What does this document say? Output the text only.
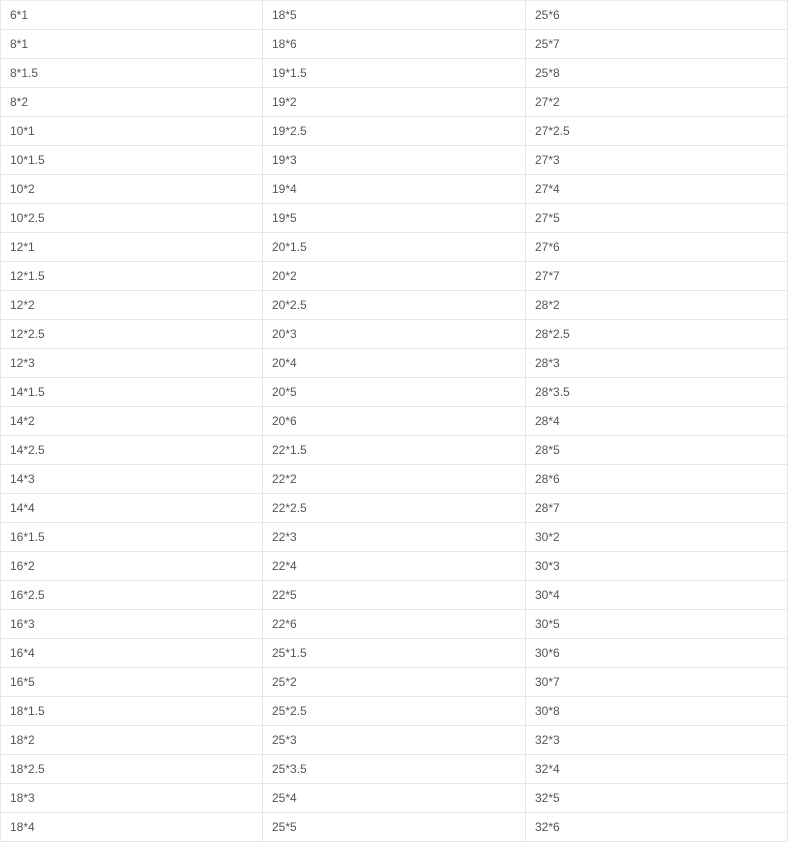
6*1	18*5	25*6
8*1	18*6	25*7
8*1.5	19*1.5	25*8
8*2	19*2	27*2
10*1	19*2.5	27*2.5
10*1.5	19*3	27*3
10*2	19*4	27*4
10*2.5	19*5	27*5
12*1	20*1.5	27*6
12*1.5	20*2	27*7
12*2	20*2.5	28*2
12*2.5	20*3	28*2.5
12*3	20*4	28*3
14*1.5	20*5	28*3.5
14*2	20*6	28*4
14*2.5	22*1.5	28*5
14*3	22*2	28*6
14*4	22*2.5	28*7
16*1.5	22*3	30*2
16*2	22*4	30*3
16*2.5	22*5	30*4
16*3	22*6	30*5
16*4	25*1.5	30*6
16*5	25*2	30*7
18*1.5	25*2.5	30*8
18*2	25*3	32*3
18*2.5	25*3.5	32*4
18*3	25*4	32*5
18*4	25*5	32*6
